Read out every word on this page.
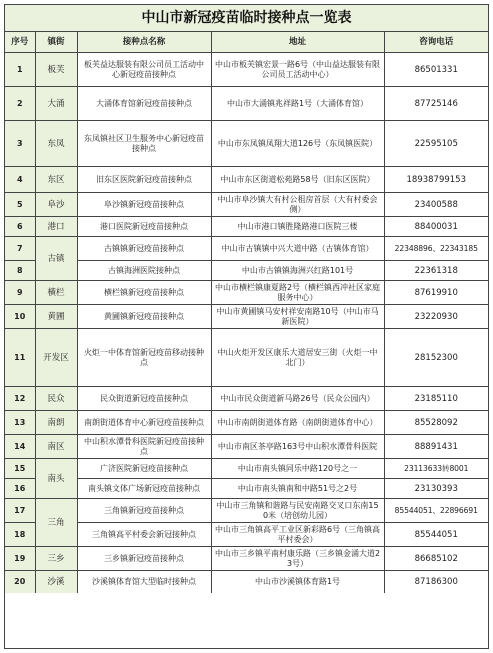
中山市新冠疫苗临时接种点一览表
序号	镇街	接种点名称	地址	咨询电话
1	板芙	板芙益达服装有限公司员工活动中心新冠疫苗接种点	中山市板芙镇宏景一路6号（中山益达服装有限公司员工活动中心）	86501331
2	大涌	大涌体育馆新冠疫苗接种点	中山市大涌镇兆祥路1号（大涌体育馆）	87725146
3	东凤	东凤镇社区卫生服务中心新冠疫苗接种点	中山市东凤镇凤翔大道126号（东凤镇医院）	22595105
4	东区	旧东区医院新冠疫苗接种点	中山市东区街道松苑路58号（旧东区医院）	18938799153
5	阜沙	阜沙镇新冠疫苗接种点	中山市阜沙镇大有村公租房首层（大有村委会侧）	23400588
6	港口	港口医院新冠疫苗接种点	中山市港口镇胜隆路港口医院三楼	88400031
7	古镇	古镇镇新冠疫苗接种点	中山市古镇镇中兴大道中路（古镇体育馆）	22348896、22343185
8		古镇海洲医院接种点	中山市古镇镇海洲兴红路101号	22361318
9	横栏	横栏镇新冠疫苗接种点	中山市横栏镇康夏路2号（横栏镇西冲社区家庭服务中心）	87619910
10	黄圃	黄圃镇新冠疫苗接种点	中山市黄圃镇马安村祥安南路10号（中山市马新医院）	23220930
11	开发区	火炬一中体育馆新冠疫苗移动接种点	中山火炬开发区康乐大道居安三街（火炬一中北门）	28152300
12	民众	民众街道新冠疫苗接种点	中山市民众街道新马路26号（民众公园内）	23185110
13	南朗	南朗街道体育中心新冠疫苗接种点	中山市南朗街道体育路（南朗街道体育中心）	85528092
14	南区	中山积水潭骨科医院新冠疫苗接种点	中山市南区茶亭路163号中山积水潭骨科医院	88891431
15	南头	广济医院新冠疫苗接种点	中山市南头镇同乐中路120号之一	23113633转8001
16		南头镇文体广场新冠疫苗接种点	中山市南头镇南和中路51号之2号	23130393
17	三角	三角镇新冠疫苗接种点	中山市三角镇和谐路与民安南路交叉口东南150米（培创幼儿园）	85544051、22896691
18		三角镇高平村委会新冠接种点	中山市三角镇高平工业区新彩路6号（三角镇高平村委会）	85544051
19	三乡	三乡镇新冠疫苗接种点	中山市三乡镇平南村康乐路（三乡镇金涌大道23号）	86685102
20	沙溪	沙溪镇体育馆大型临时接种点	中山市沙溪镇体育路1号	87186300
